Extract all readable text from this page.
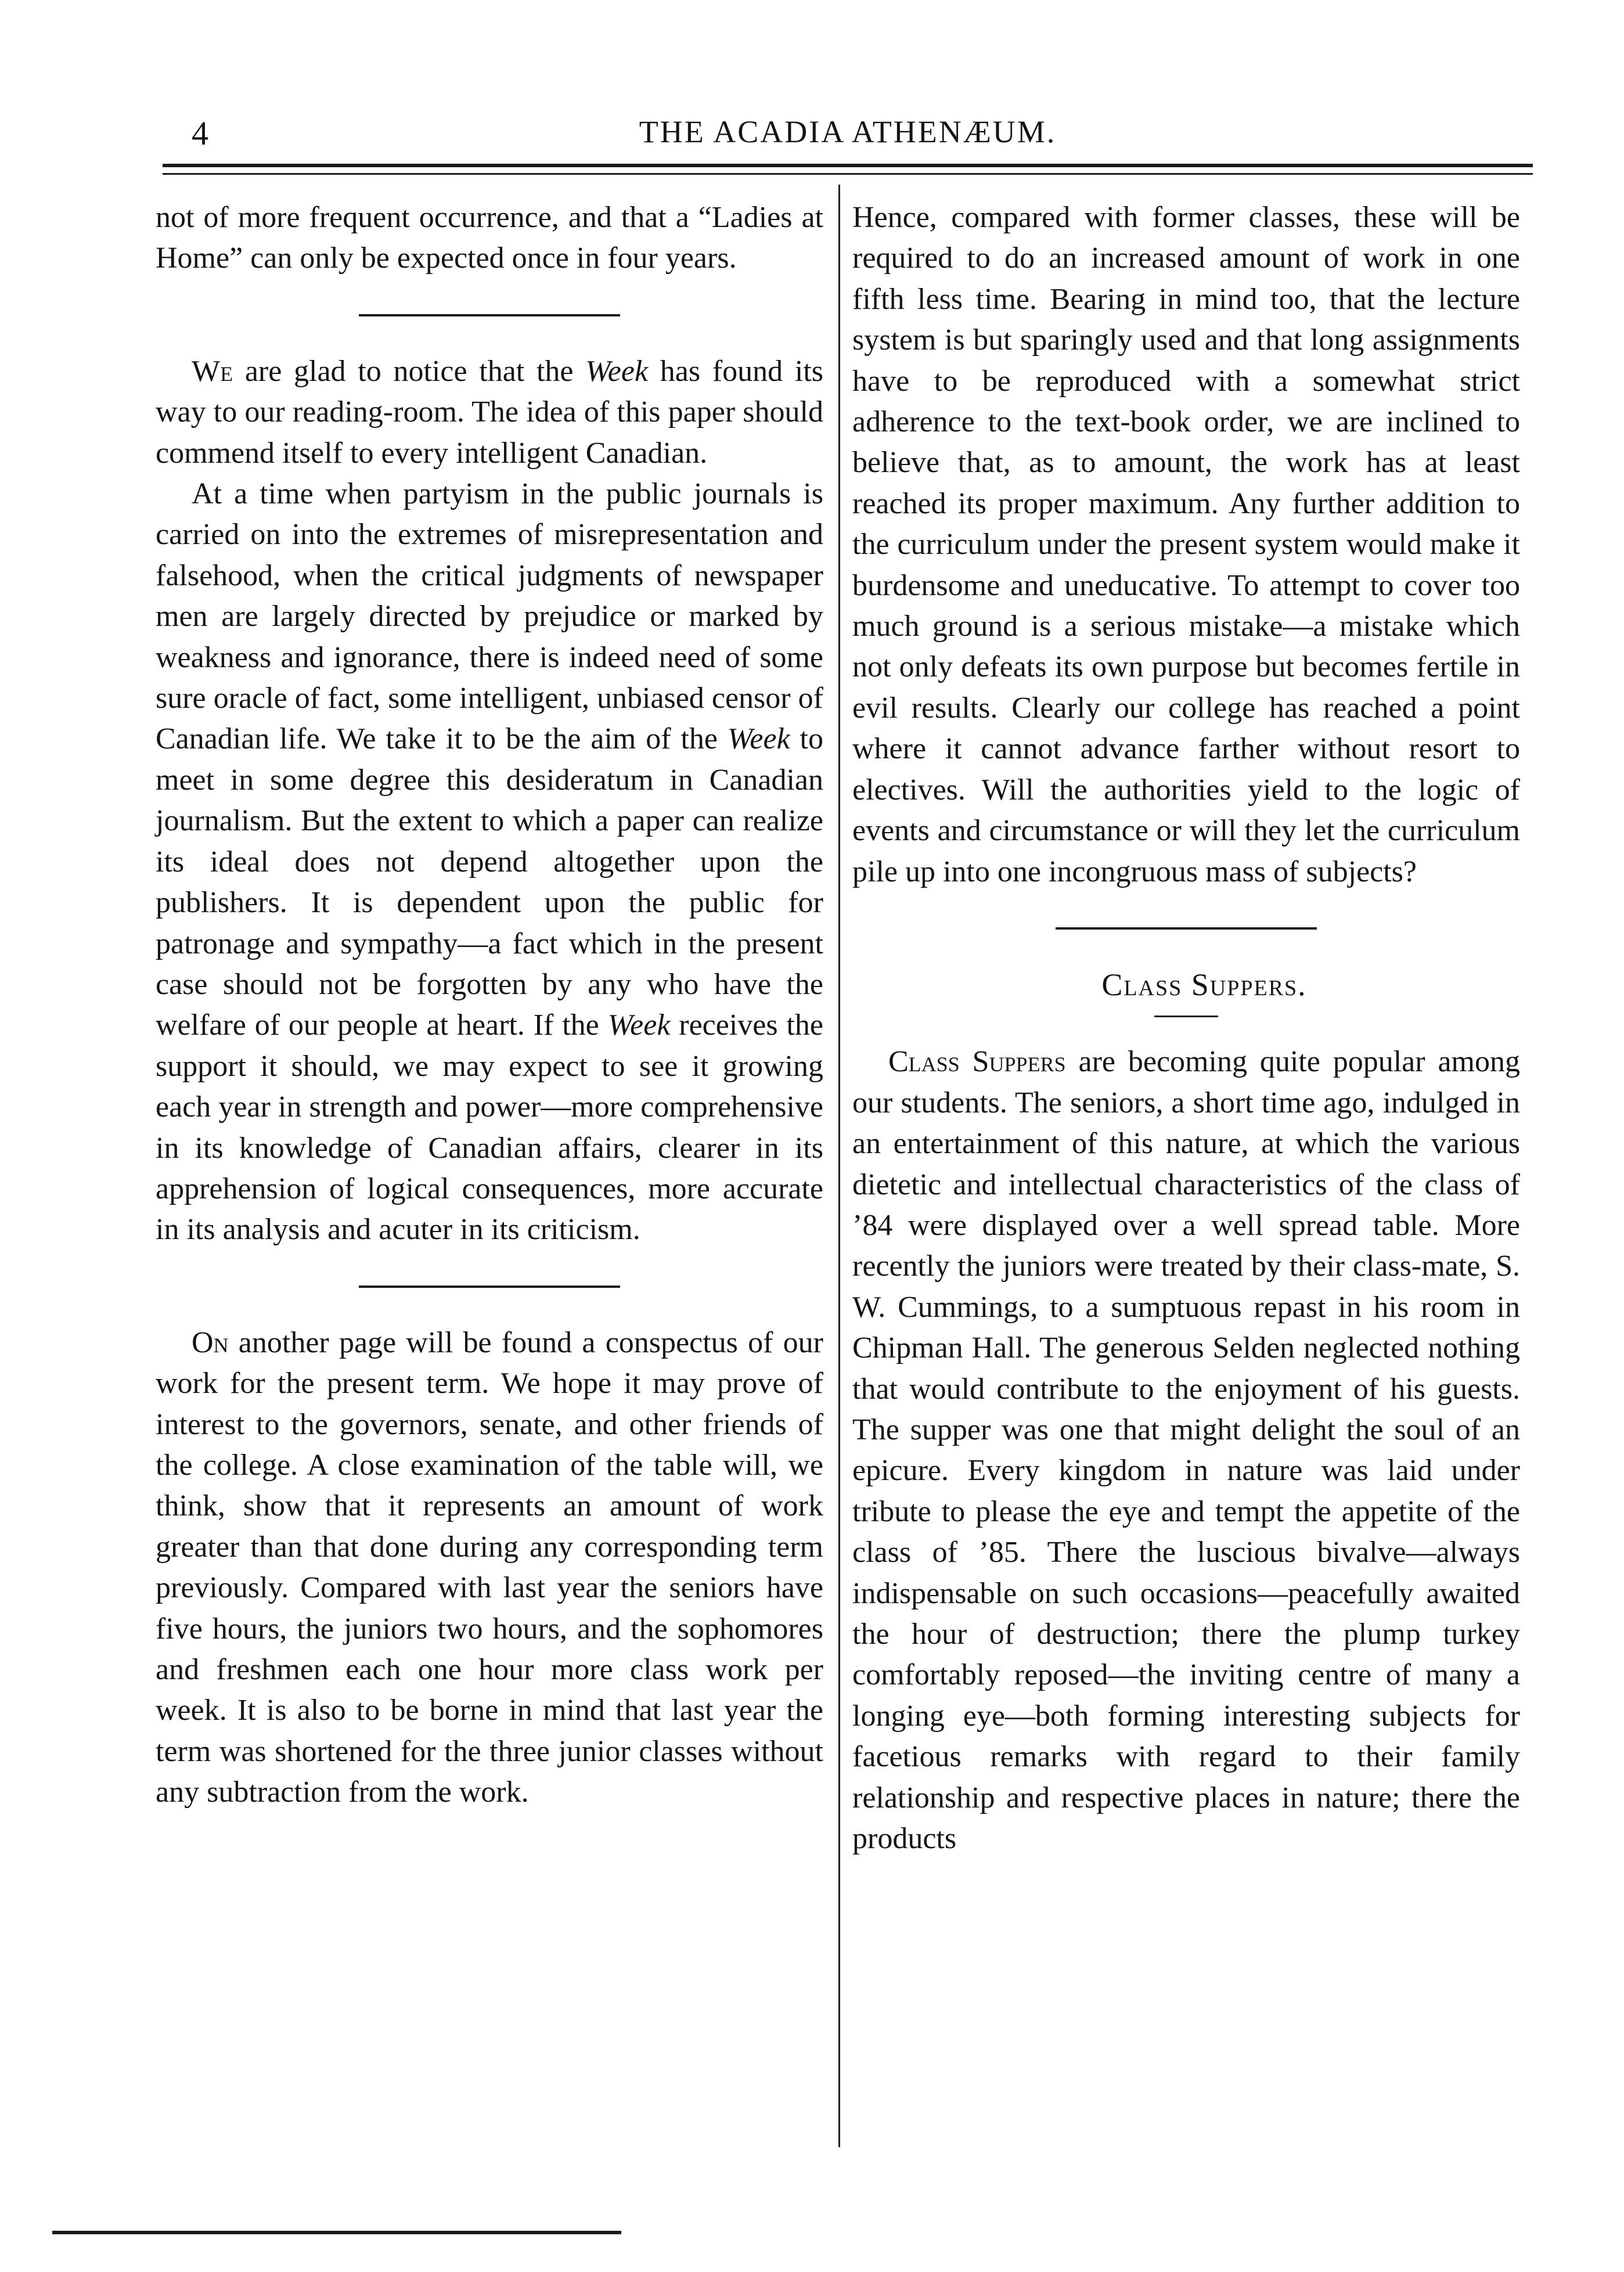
4	THE ACADIA ATHENÆUM.

not of more frequent occurrence, and that a “Ladies at Home” can only be expected once in four years.

We are glad to notice that the Week has found its way to our reading-room. The idea of this paper should commend itself to every intelligent Canadian.

At a time when partyism in the public journals is carried on into the extremes of misrepresentation and falsehood, when the critical judgments of newspaper men are largely directed by prejudice or marked by weakness and ignorance, there is indeed need of some sure oracle of fact, some intelligent, unbiased censor of Canadian life. We take it to be the aim of the Week to meet in some degree this desideratum in Canadian journalism. But the extent to which a paper can realize its ideal does not depend altogether upon the publishers. It is dependent upon the public for patronage and sympathy—a fact which in the present case should not be forgotten by any who have the welfare of our people at heart. If the Week receives the support it should, we may expect to see it growing each year in strength and power—more comprehensive in its knowledge of Canadian affairs, clearer in its apprehension of logical consequences, more accurate in its analysis and acuter in its criticism.

On another page will be found a conspectus of our work for the present term. We hope it may prove of interest to the governors, senate, and other friends of the college. A close examination of the table will, we think, show that it represents an amount of work greater than that done during any corresponding term previously. Compared with last year the seniors have five hours, the juniors two hours, and the sophomores and freshmen each one hour more class work per week. It is also to be borne in mind that last year the term was shortened for the three junior classes without any subtraction from the work.

Hence, compared with former classes, these will be required to do an increased amount of work in one fifth less time. Bearing in mind too, that the lecture system is but sparingly used and that long assignments have to be reproduced with a somewhat strict adherence to the text-book order, we are inclined to believe that, as to amount, the work has at least reached its proper maximum. Any further addition to the curriculum under the present system would make it burdensome and uneducative. To attempt to cover too much ground is a serious mistake—a mistake which not only defeats its own purpose but becomes fertile in evil results. Clearly our college has reached a point where it cannot advance farther without resort to electives. Will the authorities yield to the logic of events and circumstance or will they let the curriculum pile up into one incongruous mass of subjects?

Class Suppers.

Class Suppers are becoming quite popular among our students. The seniors, a short time ago, indulged in an entertainment of this nature, at which the various dietetic and intellectual characteristics of the class of ’84 were displayed over a well spread table. More recently the juniors were treated by their class-mate, S. W. Cummings, to a sumptuous repast in his room in Chipman Hall. The generous Selden neglected nothing that would contribute to the enjoyment of his guests. The supper was one that might delight the soul of an epicure. Every kingdom in nature was laid under tribute to please the eye and tempt the appetite of the class of ’85. There the luscious bivalve—always indispensable on such occasions—peacefully awaited the hour of destruction; there the plump turkey comfortably reposed—the inviting centre of many a longing eye—both forming interesting subjects for facetious remarks with regard to their family relationship and respective places in nature; there the products
